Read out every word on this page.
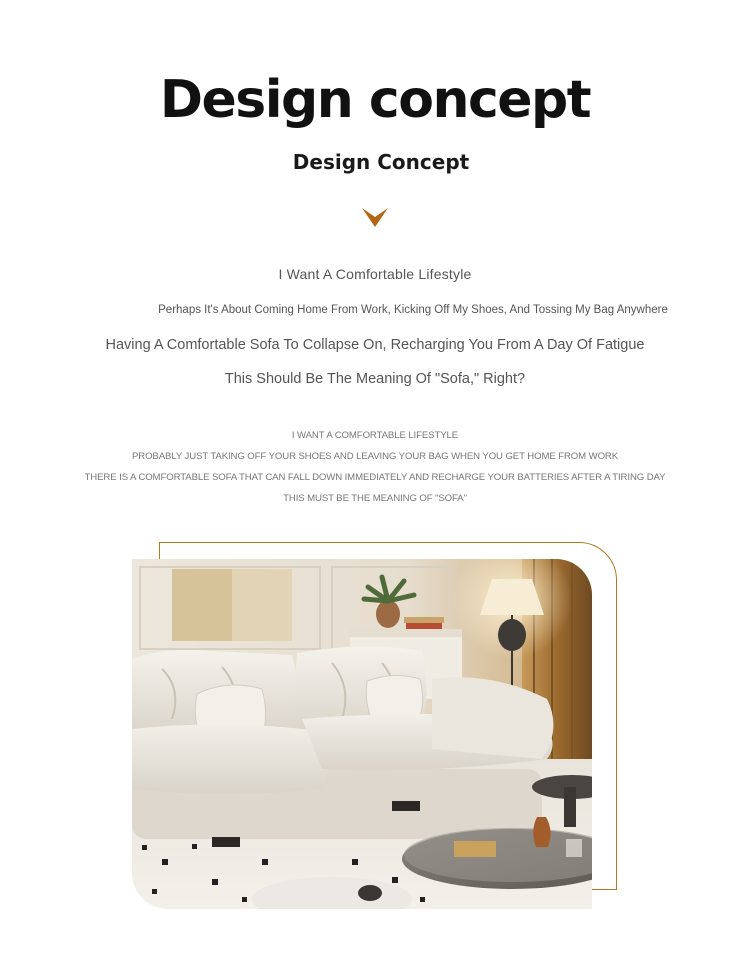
Design concept
Design Concept
I Want A Comfortable Lifestyle
Perhaps It's About Coming Home From Work, Kicking Off My Shoes, And Tossing My Bag Anywhere
Having A Comfortable Sofa To Collapse On, Recharging You From A Day Of Fatigue
This Should Be The Meaning Of "Sofa," Right?
I WANT A COMFORTABLE LIFESTYLE
PROBABLY JUST TAKING OFF YOUR SHOES AND LEAVING YOUR BAG WHEN YOU GET HOME FROM WORK
THERE IS A COMFORTABLE SOFA THAT CAN FALL DOWN IMMEDIATELY AND RECHARGE YOUR BATTERIES AFTER A TIRING DAY
THIS MUST BE THE MEANING OF "SOFA"
